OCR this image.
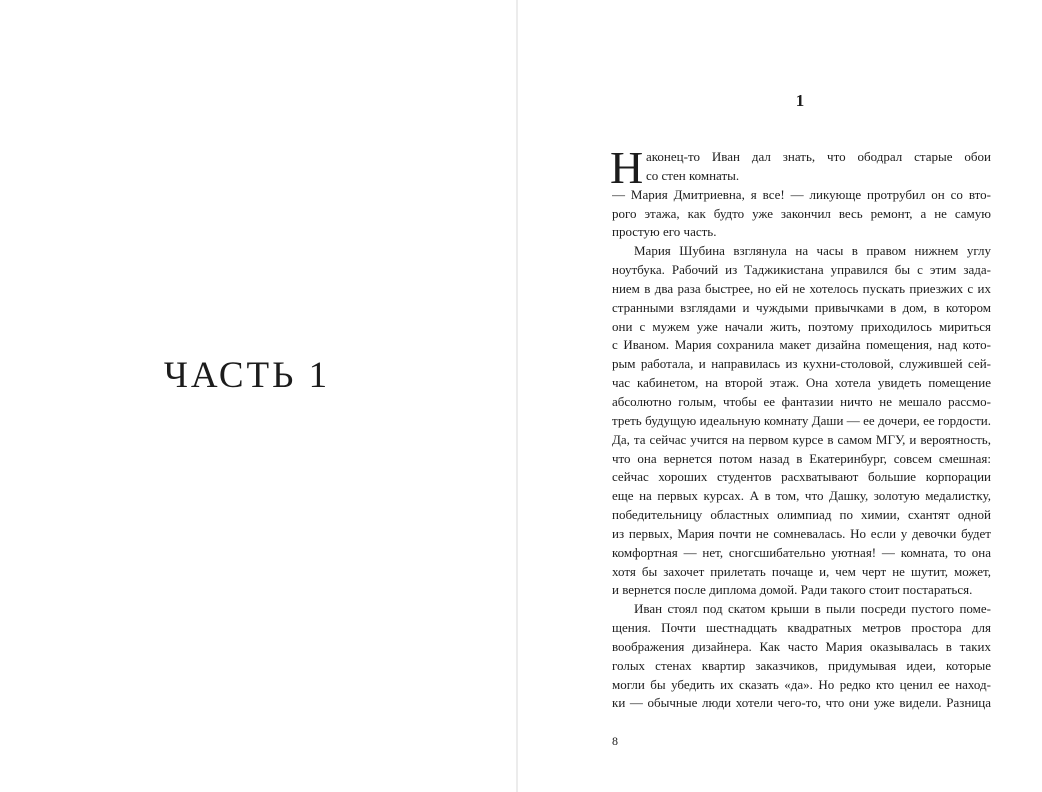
ЧАСТЬ 1
1
Н аконец-то Иван дал знать, что ободрал старые обои
со стен комнаты.
— Мария Дмитриевна, я все! — ликующе протрубил он со вто-
рого этажа, как будто уже закончил весь ремонт, а не самую
простую его часть.
Мария Шубина взглянула на часы в правом нижнем углу
ноутбука. Рабочий из Таджикистана управился бы с этим зада-
нием в два раза быстрее, но ей не хотелось пускать приезжих с их
странными взглядами и чуждыми привычками в дом, в котором
они с мужем уже начали жить, поэтому приходилось мириться
с Иваном. Мария сохранила макет дизайна помещения, над кото-
рым работала, и направилась из кухни-столовой, служившей сей-
час кабинетом, на второй этаж. Она хотела увидеть помещение
абсолютно голым, чтобы ее фантазии ничто не мешало рассмо-
треть будущую идеальную комнату Даши — ее дочери, ее гордости.
Да, та сейчас учится на первом курсе в самом МГУ, и вероятность,
что она вернется потом назад в Екатеринбург, совсем смешная:
сейчас хороших студентов расхватывают большие корпорации
еще на первых курсах. А в том, что Дашку, золотую медалистку,
победительницу областных олимпиад по химии, схантят одной
из первых, Мария почти не сомневалась. Но если у девочки будет
комфортная — нет, сногсшибательно уютная! — комната, то она
хотя бы захочет прилетать почаще и, чем черт не шутит, может,
и вернется после диплома домой. Ради такого стоит постараться.
Иван стоял под скатом крыши в пыли посреди пустого поме-
щения. Почти шестнадцать квадратных метров простора для
воображения дизайнера. Как часто Мария оказывалась в таких
голых стенах квартир заказчиков, придумывая идеи, которые
могли бы убедить их сказать «да». Но редко кто ценил ее наход-
ки — обычные люди хотели чего-то, что они уже видели. Разница

8
